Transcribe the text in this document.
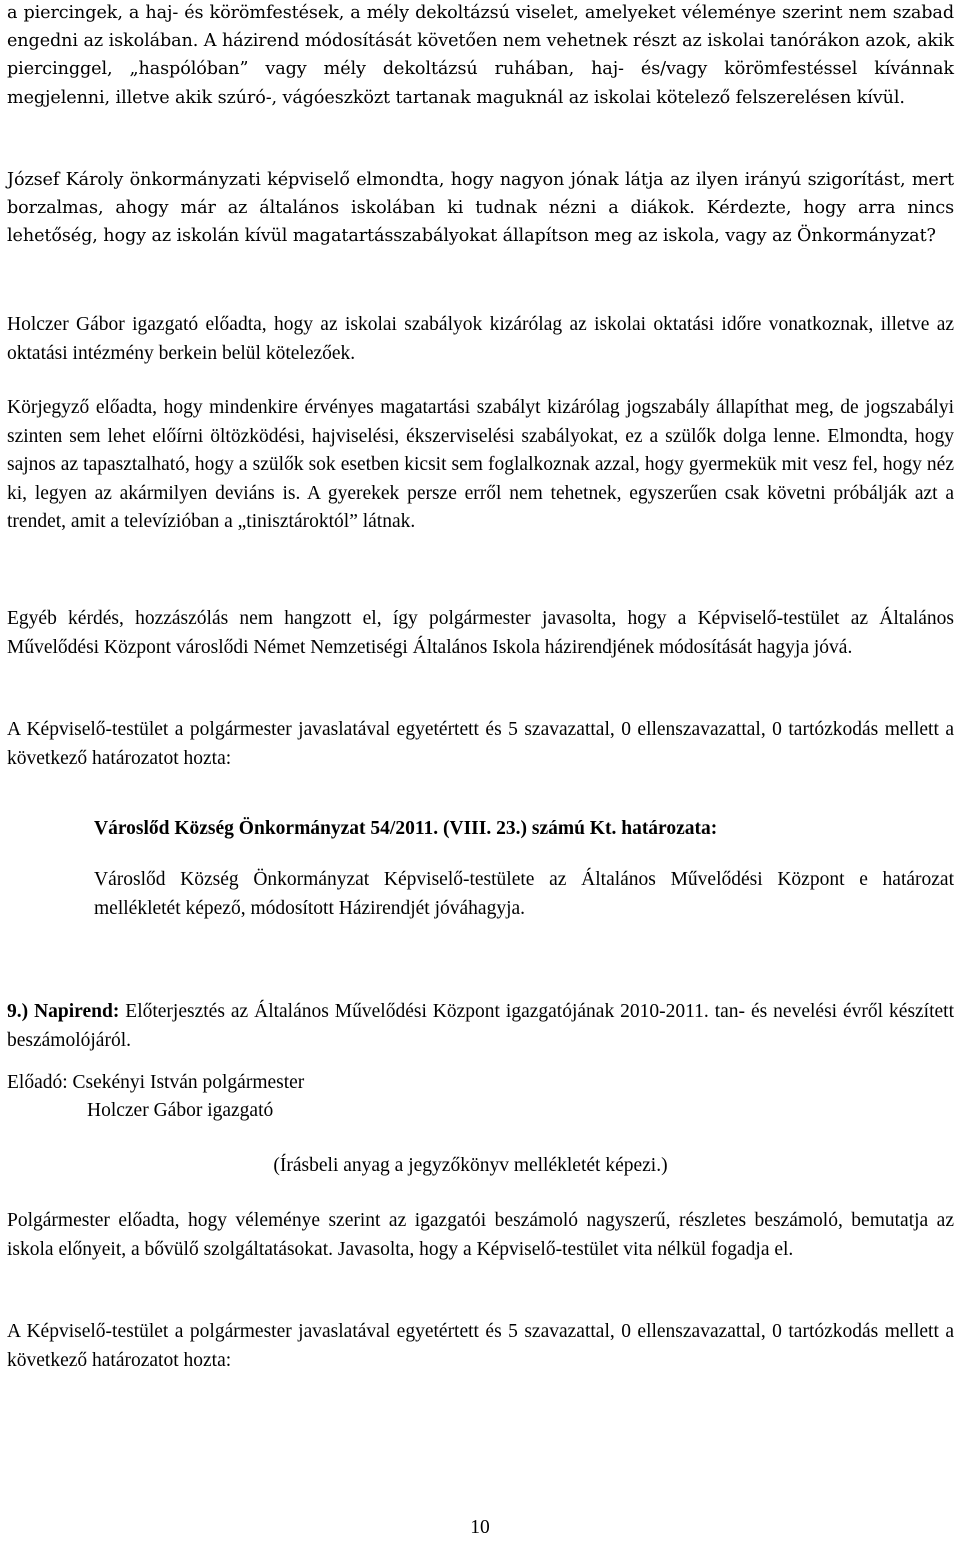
a piercingek, a haj- és körömfestések, a mély dekoltázsú viselet, amelyeket véleménye szerint nem szabad engedni az iskolában. A házirend módosítását követően nem vehetnek részt az iskolai tanórákon azok, akik piercinggel, „haspólóban” vagy mély dekoltázsú ruhában, haj- és/vagy körömfestéssel kívánnak megjelenni, illetve akik szúró-, vágóeszközt tartanak maguknál az iskolai kötelező felszerelésen kívül.

József Károly önkormányzati képviselő elmondta, hogy nagyon jónak látja az ilyen irányú szigorítást, mert borzalmas, ahogy már az általános iskolában ki tudnak nézni a diákok. Kérdezte, hogy arra nincs lehetőség, hogy az iskolán kívül magatartásszabályokat állapítson meg az iskola, vagy az Önkormányzat?

Holczer Gábor igazgató előadta, hogy az iskolai szabályok kizárólag az iskolai oktatási időre vonatkoznak, illetve az oktatási intézmény berkein belül kötelezőek.

Körjegyző előadta, hogy mindenkire érvényes magatartási szabályt kizárólag jogszabály állapíthat meg, de jogszabályi szinten sem lehet előírni öltözködési, hajviselési, ékszerviselési szabályokat, ez a szülők dolga lenne. Elmondta, hogy sajnos az tapasztalható, hogy a szülők sok esetben kicsit sem foglalkoznak azzal, hogy gyermekük mit vesz fel, hogy néz ki, legyen az akármilyen deviáns is. A gyerekek persze erről nem tehetnek, egyszerűen csak követni próbálják azt a trendet, amit a televízióban a „tinisztároktól” látnak.

Egyéb kérdés, hozzászólás nem hangzott el, így polgármester javasolta, hogy a Képviselő-testület az Általános Művelődési Központ városlődi Német Nemzetiségi Általános Iskola házirendjének módosítását hagyja jóvá.

A Képviselő-testület a polgármester javaslatával egyetértett és 5 szavazattal, 0 ellenszavazattal, 0 tartózkodás mellett a következő határozatot hozta:

Városlőd Község Önkormányzat 54/2011. (VIII. 23.) számú Kt. határozata:

Városlőd Község Önkormányzat Képviselő-testülete az Általános Művelődési Központ e határozat mellékletét képező, módosított Házirendjét jóváhagyja.

9.) Napirend: Előterjesztés az Általános Művelődési Központ igazgatójának 2010-2011. tan- és nevelési évről készített beszámolójáról.

Előadó: Csekényi István polgármester

Holczer Gábor igazgató

(Írásbeli anyag a jegyzőkönyv mellékletét képezi.)

Polgármester előadta, hogy véleménye szerint az igazgatói beszámoló nagyszerű, részletes beszámoló, bemutatja az iskola előnyeit, a bővülő szolgáltatásokat. Javasolta, hogy a Képviselő-testület vita nélkül fogadja el.

A Képviselő-testület a polgármester javaslatával egyetértett és 5 szavazattal, 0 ellenszavazattal, 0 tartózkodás mellett a következő határozatot hozta:

10
